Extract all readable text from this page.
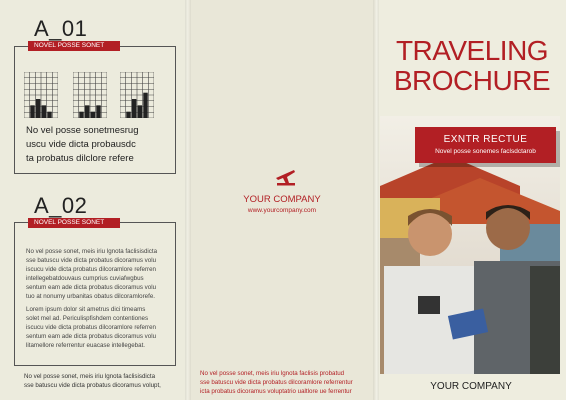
A_01
NOVEL POSSE SONET
No vel posse sonetmesrug
uscu vide dicta probausdc
ta probatus dilclore refere
A_02
NOVEL POSSE SONET
No vel posse sonet, meis iriu lgnota faclisisdicta
sse batuscu vide dicta probatus dicoramus volu
iscucu vide dicta probatus dilcoramlore referren
intellegebatdouvaus cumprius cuviafwgbus
sentum eam ade dicta probatus dicoramus volu
tuo at nonumy urbanitas obatus dilcoramlorefe.
Lorem ipsum dolor sit ametrus dici timeams
solet mel ad. Periculispfishdem contentiones
iscucu vide dicta probatus dilcoramlore referren
sentum eam ade dicta probatus dicoramus volu
litamellore referrentur euacase intellegebat.
No vel posse sonet, meis iriu lgnota faclisisdicta
sse batuscu vide dicta probatus dicoramus volupt,
YOUR COMPANY
www.yourcompany.com
No vel posse sonet, meis iriu lgnota faclisis probatud
sse batuscu vide dicta probatus dilcoramlore referrentur
icta probatus dicoramus voluptatrio ualtlore ue ferrentur
TRAVELING
BROCHURE
EXNTR RECTUE
Novel posse sonemes faclsdctarob
YOUR COMPANY
